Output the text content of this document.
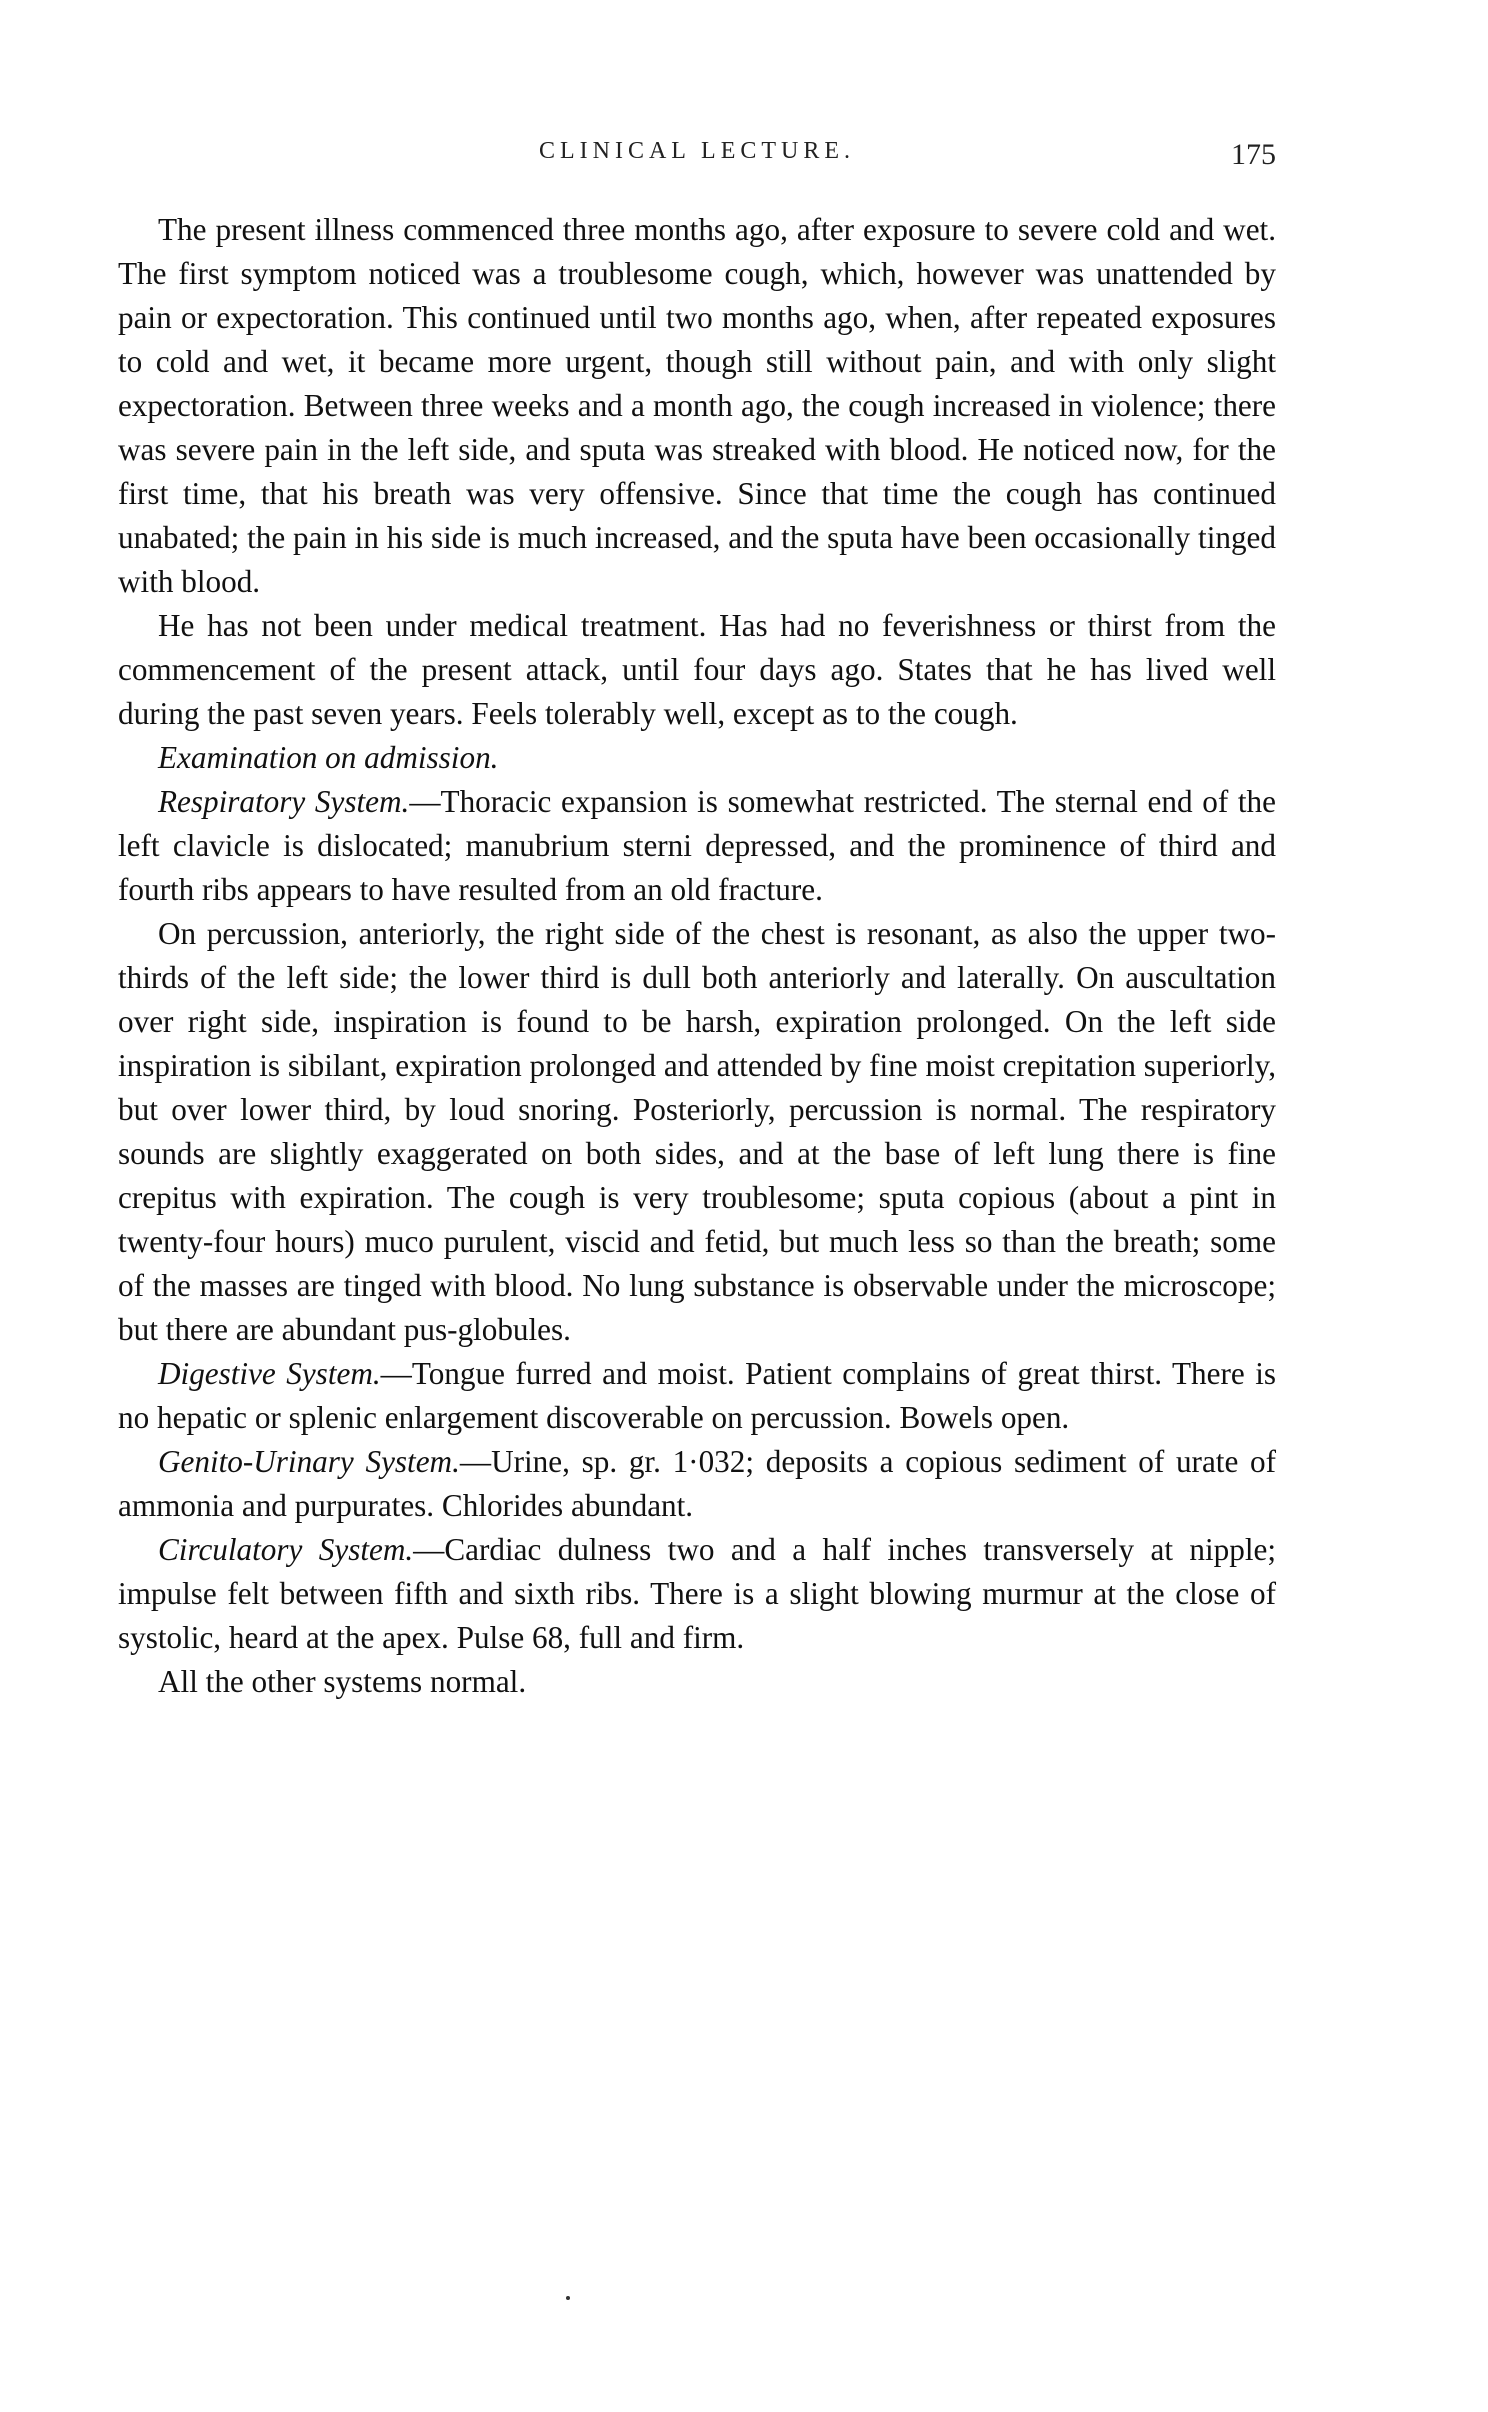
CLINICAL LECTURE.	175

The present illness commenced three months ago, after exposure to severe cold and wet. The first symptom noticed was a troublesome cough, which, however was unattended by pain or expectoration. This continued until two months ago, when, after repeated exposures to cold and wet, it became more urgent, though still without pain, and with only slight expectoration. Between three weeks and a month ago, the cough increased in violence; there was severe pain in the left side, and sputa was streaked with blood. He noticed now, for the first time, that his breath was very offensive. Since that time the cough has continued unabated; the pain in his side is much increased, and the sputa have been occasionally tinged with blood.

He has not been under medical treatment. Has had no feverishness or thirst from the commencement of the present attack, until four days ago. States that he has lived well during the past seven years. Feels tolerably well, except as to the cough.

Examination on admission.

Respiratory System.—Thoracic expansion is somewhat restricted. The sternal end of the left clavicle is dislocated; manubrium sterni depressed, and the prominence of third and fourth ribs appears to have resulted from an old fracture.

On percussion, anteriorly, the right side of the chest is resonant, as also the upper two-thirds of the left side; the lower third is dull both anteriorly and laterally. On auscultation over right side, inspiration is found to be harsh, expiration prolonged. On the left side inspiration is sibilant, expiration prolonged and attended by fine moist crepitation superiorly, but over lower third, by loud snoring. Posteriorly, percussion is normal. The respiratory sounds are slightly exaggerated on both sides, and at the base of left lung there is fine crepitus with expiration. The cough is very troublesome; sputa copious (about a pint in twenty-four hours) muco purulent, viscid and fetid, but much less so than the breath; some of the masses are tinged with blood. No lung substance is observable under the microscope; but there are abundant pus-globules.

Digestive System.—Tongue furred and moist. Patient complains of great thirst. There is no hepatic or splenic enlargement discoverable on percussion. Bowels open.

Genito-Urinary System.—Urine, sp. gr. 1·032; deposits a copious sediment of urate of ammonia and purpurates. Chlorides abundant.

Circulatory System.—Cardiac dulness two and a half inches transversely at nipple; impulse felt between fifth and sixth ribs. There is a slight blowing murmur at the close of systolic, heard at the apex. Pulse 68, full and firm.

All the other systems normal.
